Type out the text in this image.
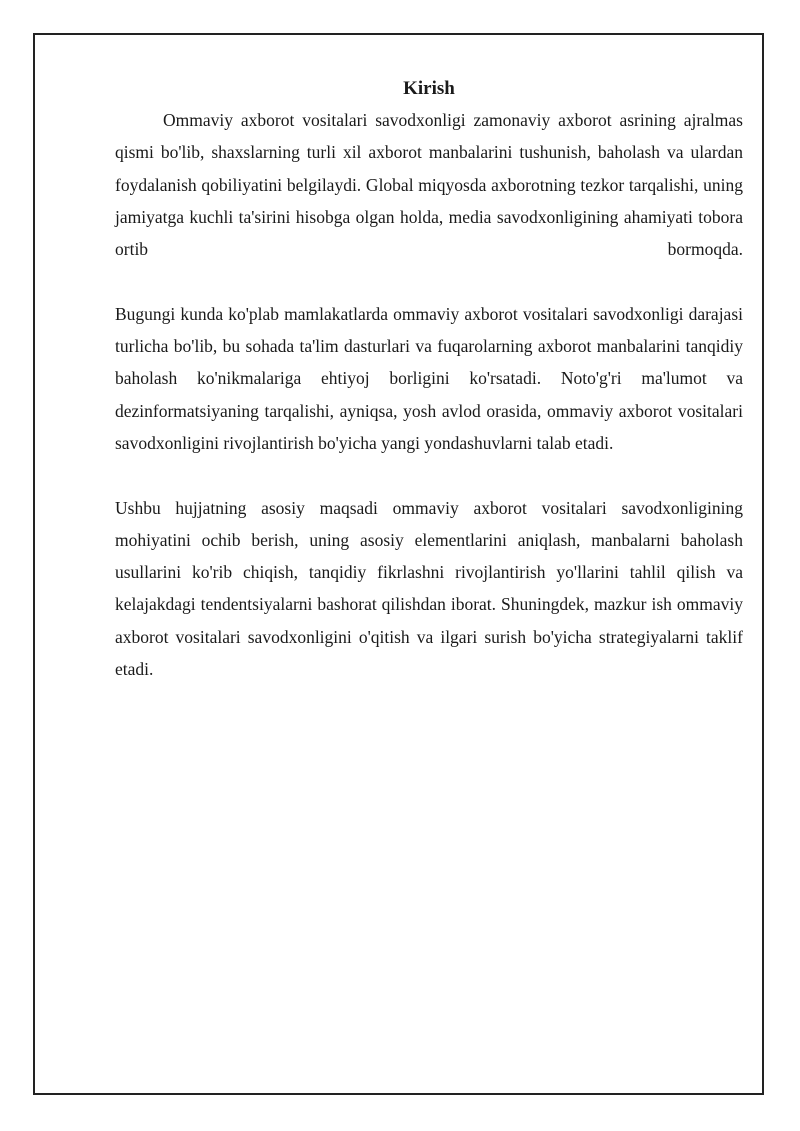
Kirish

Ommaviy axborot vositalari savodxonligi zamonaviy axborot asrining ajralmas qismi bo'lib, shaxslarning turli xil axborot manbalarini tushunish, baholash va ulardan foydalanish qobiliyatini belgilaydi. Global miqyosda axborotning tezkor tarqalishi, uning jamiyatga kuchli ta'sirini hisobga olgan holda, media savodxonligining ahamiyati tobora ortib bormoqda.

Bugungi kunda ko'plab mamlakatlarda ommaviy axborot vositalari savodxonligi darajasi turlicha bo'lib, bu sohada ta'lim dasturlari va fuqarolarning axborot manbalarini tanqidiy baholash ko'nikmalariga ehtiyoj borligini ko'rsatadi. Noto'g'ri ma'lumot va dezinformatsiyaning tarqalishi, ayniqsa, yosh avlod orasida, ommaviy axborot vositalari savodxonligini rivojlantirish bo'yicha yangi yondashuvlarni talab etadi.

Ushbu hujjatning asosiy maqsadi ommaviy axborot vositalari savodxonligining mohiyatini ochib berish, uning asosiy elementlarini aniqlash, manbalarni baholash usullarini ko'rib chiqish, tanqidiy fikrlashni rivojlantirish yo'llarini tahlil qilish va kelajakdagi tendentsiyalarni bashorat qilishdan iborat. Shuningdek, mazkur ish ommaviy axborot vositalari savodxonligini o'qitish va ilgari surish bo'yicha strategiyalarni taklif etadi.
